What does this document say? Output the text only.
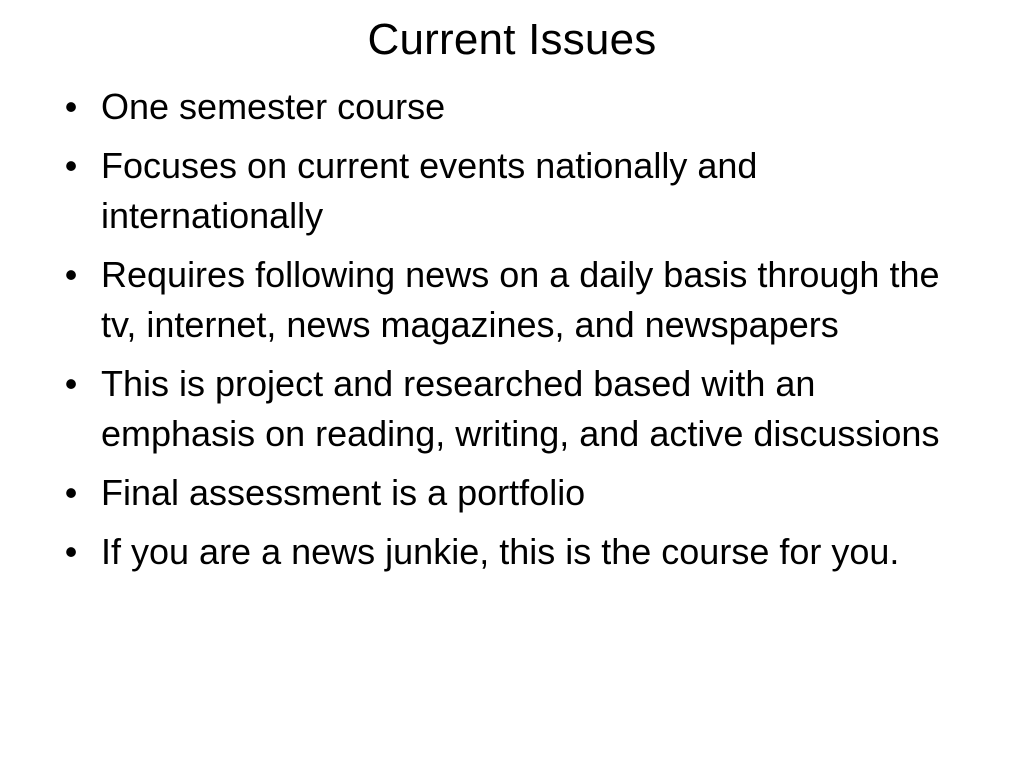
Current Issues
• One semester course
• Focuses on current events nationally and internationally
• Requires following news on a daily basis through the tv, internet, news magazines, and newspapers
• This is project and researched based with an emphasis on reading, writing, and active discussions
• Final assessment is a portfolio
• If you are a news junkie, this is the course for you.
